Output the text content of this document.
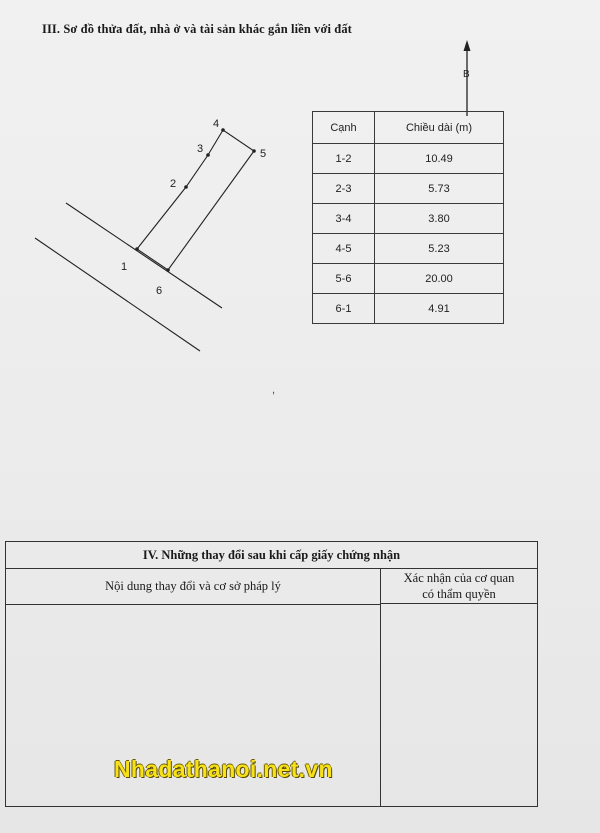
III. Sơ đồ thửa đất, nhà ở và tài sản khác gắn liền với đất
1
2
3
4
5
6
B
,
Cạnh	Chiều dài (m)
1-2	10.49
2-3	5.73
3-4	3.80
4-5	5.23
5-6	20.00
6-1	4.91
IV. Những thay đổi sau khi cấp giấy chứng nhận
Nội dung thay đổi và cơ sở pháp lý
Xác nhận của cơ quan
có thẩm quyền
Nhadathanoi.net.vn
